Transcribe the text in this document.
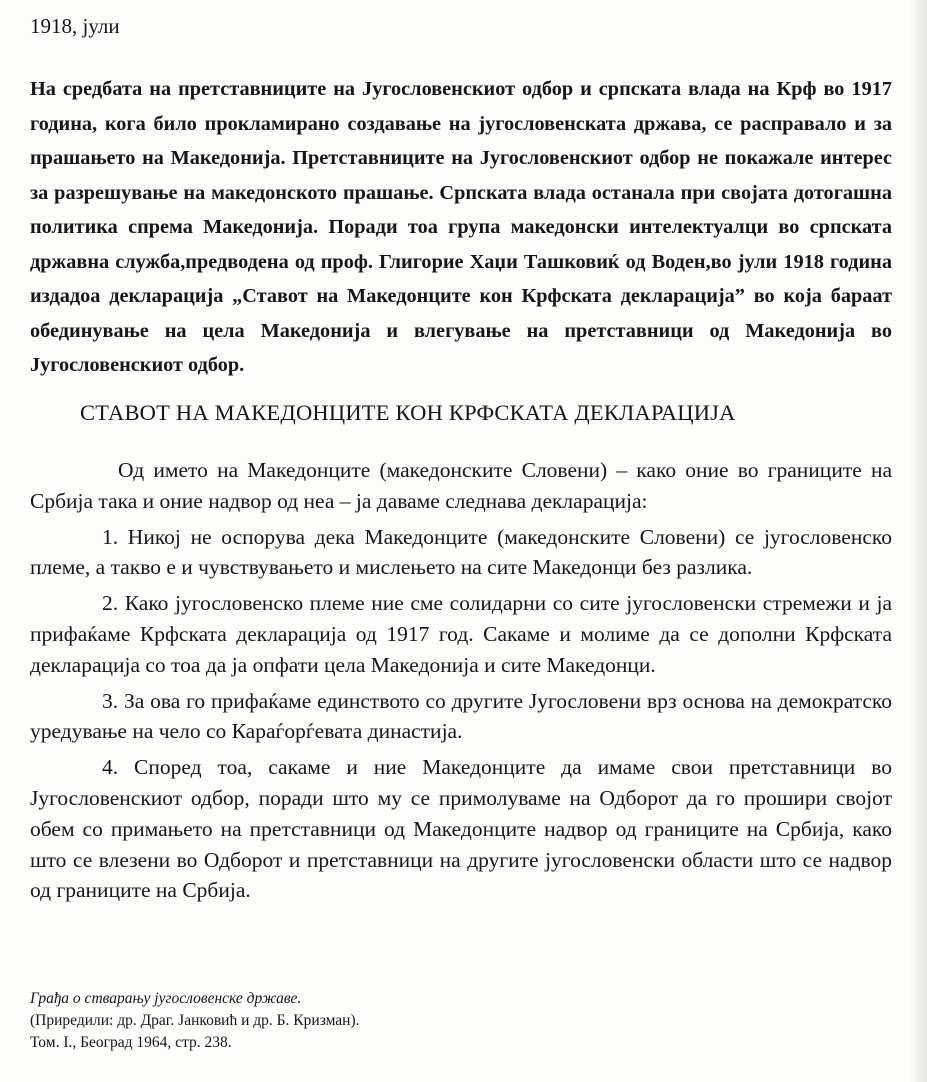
1918, јули

На средбата на претставниците на Југословенскиот одбор и српската влада на Крф во 1917 година, кога било прокламирано создавање на југословенската држава, се расправало и за прашањето на Македонија. Претставниците на Југословенскиот одбор не покажале интерес за разрешување на македонското прашање. Српската влада останала при својата дотогашна политика спрема Македонија. Поради тоа група македонски интелектуалци во српската државна служба,предводена од проф. Глигорие Хаџи Ташковиќ од Воден,во јули 1918 година издадоа декларација „Ставот на Македонците кон Крфската декларација” во која бараат обединување на цела Македонија и влегување на претставници од Македонија во Југословенскиот одбор.

СТАВОТ НА МАКЕДОНЦИТЕ КОН КРФСКАТА ДЕКЛАРАЦИЈА

Од името на Македонците (македонските Словени) – како оние во границите на Србија така и оние надвор од неа – ја даваме следнава декларација:

1. Никој не оспорува дека Македонците (македонските Словени) се југословенско племе, а такво е и чувствувањето и мислењето на сите Македонци без разлика.

2. Како југословенско племе ние сме солидарни со сите југословенски стремежи и ја прифаќаме Крфската декларација од 1917 год. Сакаме и молиме да се дополни Крфската декларација со тоа да ја опфати цела Македонија и сите Македонци.

3. За ова го прифаќаме единството со другите Југословени врз основа на демократско уредување на чело со Караѓорѓевата династија.

4. Според тоа, сакаме и ние Македонците да имаме свои претставници во Југословенскиот одбор, поради што му се примолуваме на Одборот да го прошири својот обем со примањето на претставници од Македонците надвор од границите на Србија, како што се влезени во Одборот и претставници на другите југословенски области што се надвор од границите на Србија.

Грађа о стварању југословенске државе.
(Приредили: др. Драг. Јанковић и др. Б. Кризман).
Том. I., Београд 1964, стр. 238.
